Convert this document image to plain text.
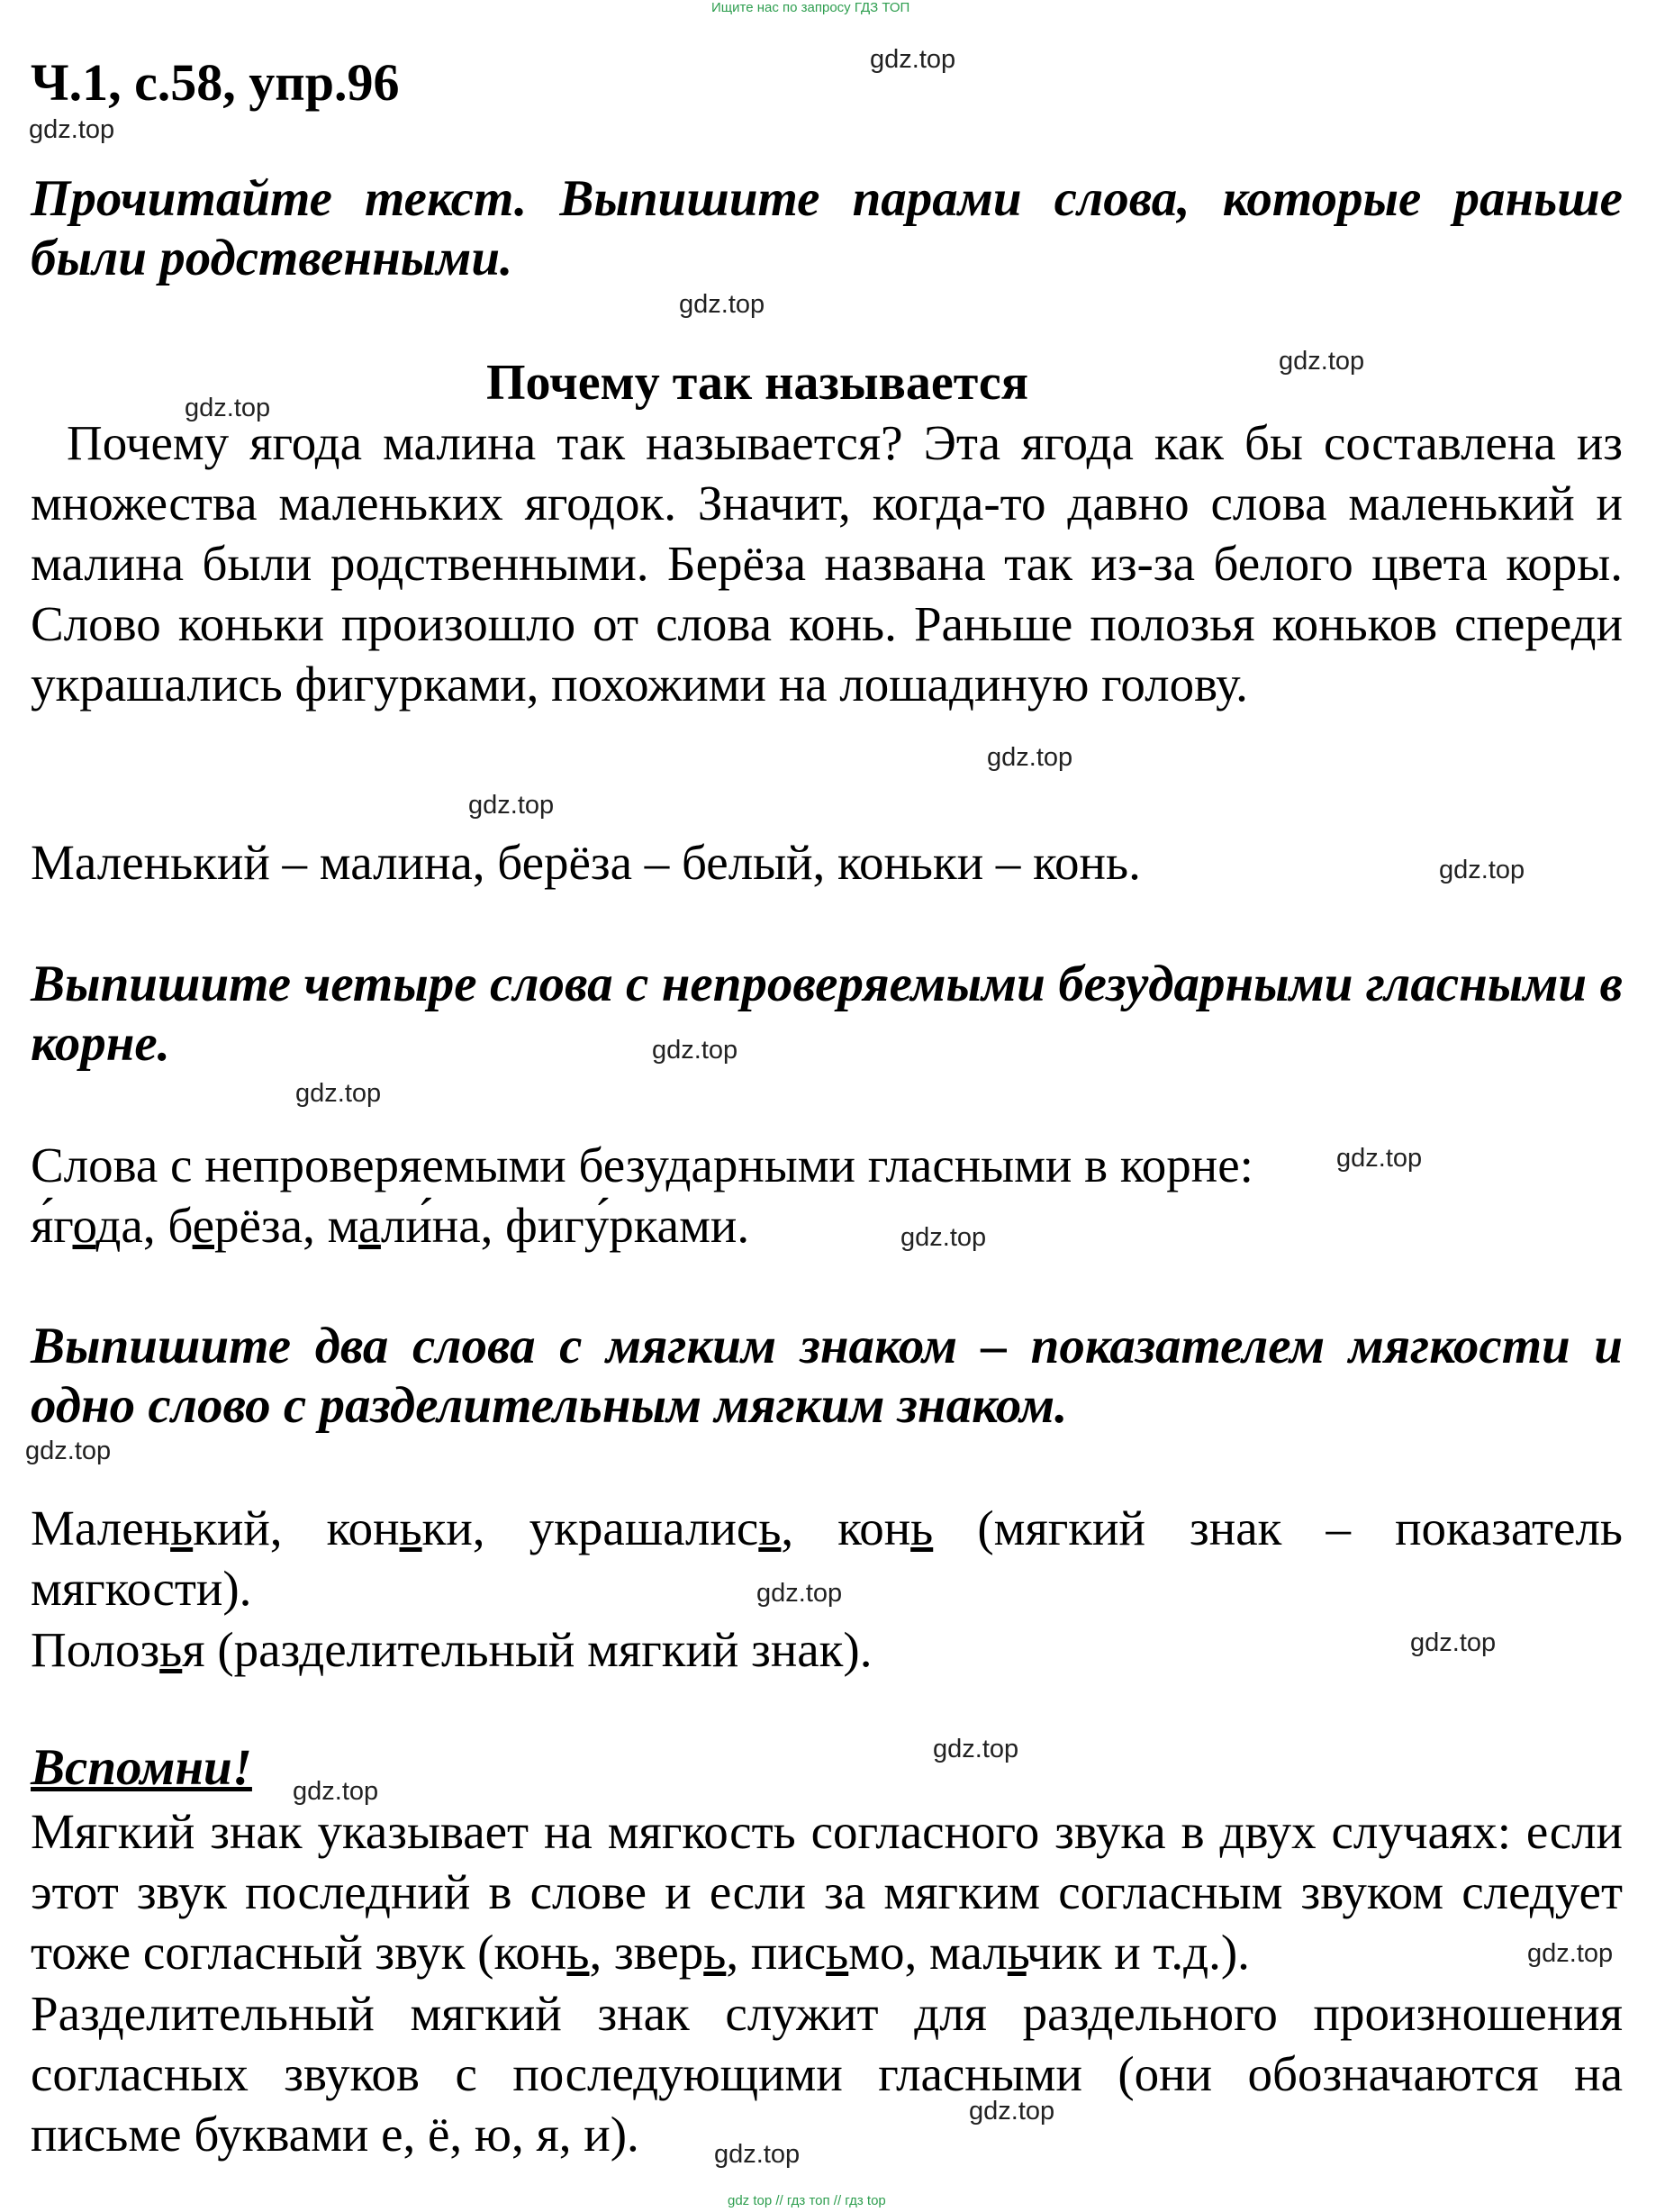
Ищите нас по запросу ГДЗ ТОП
Ч.1, с.58, упр.96
Прочитайте текст. Выпишите парами слова, которые раньше были родственными.
Почему так называется
Почему ягода малина так называется? Эта ягода как бы составлена из множества маленьких ягодок. Значит, когда-то давно слова маленький и малина были родственными. Берёза названа так из-за белого цвета коры. Слово коньки произошло от слова конь. Раньше полозья коньков спереди украшались фигурками, похожими на лошадиную голову.
Маленький – малина, берёза – белый, коньки – конь.
Выпишите четыре слова с непроверяемыми безударными гласными в корне.
Слова с непроверяемыми безударными гласными в корне:
я́года, берёза, мали́на, фигу́рками.
Выпишите два слова с мягким знаком – показателем мягкости и одно слово с разделительным мягким знаком.
Маленький, коньки, украшались, конь (мягкий знак – показатель мягкости).
Полозья (разделительный мягкий знак).
Вспомни!
Мягкий знак указывает на мягкость согласного звука в двух случаях: если этот звук последний в слове и если за мягким согласным звуком следует тоже согласный звук (конь, зверь, письмо, мальчик и т.д.).
Разделительный мягкий знак служит для раздельного произношения согласных звуков с последующими гласными (они обозначаются на письме буквами е, ё, ю, я, и).
gdz top // гдз топ // гдз top
gdz.top
gdz.top
gdz.top
gdz.top
gdz.top
gdz.top
gdz.top
gdz.top
gdz.top
gdz.top
gdz.top
gdz.top
gdz.top
gdz.top
gdz.top
gdz.top
gdz.top
gdz.top
gdz.top
gdz.top
